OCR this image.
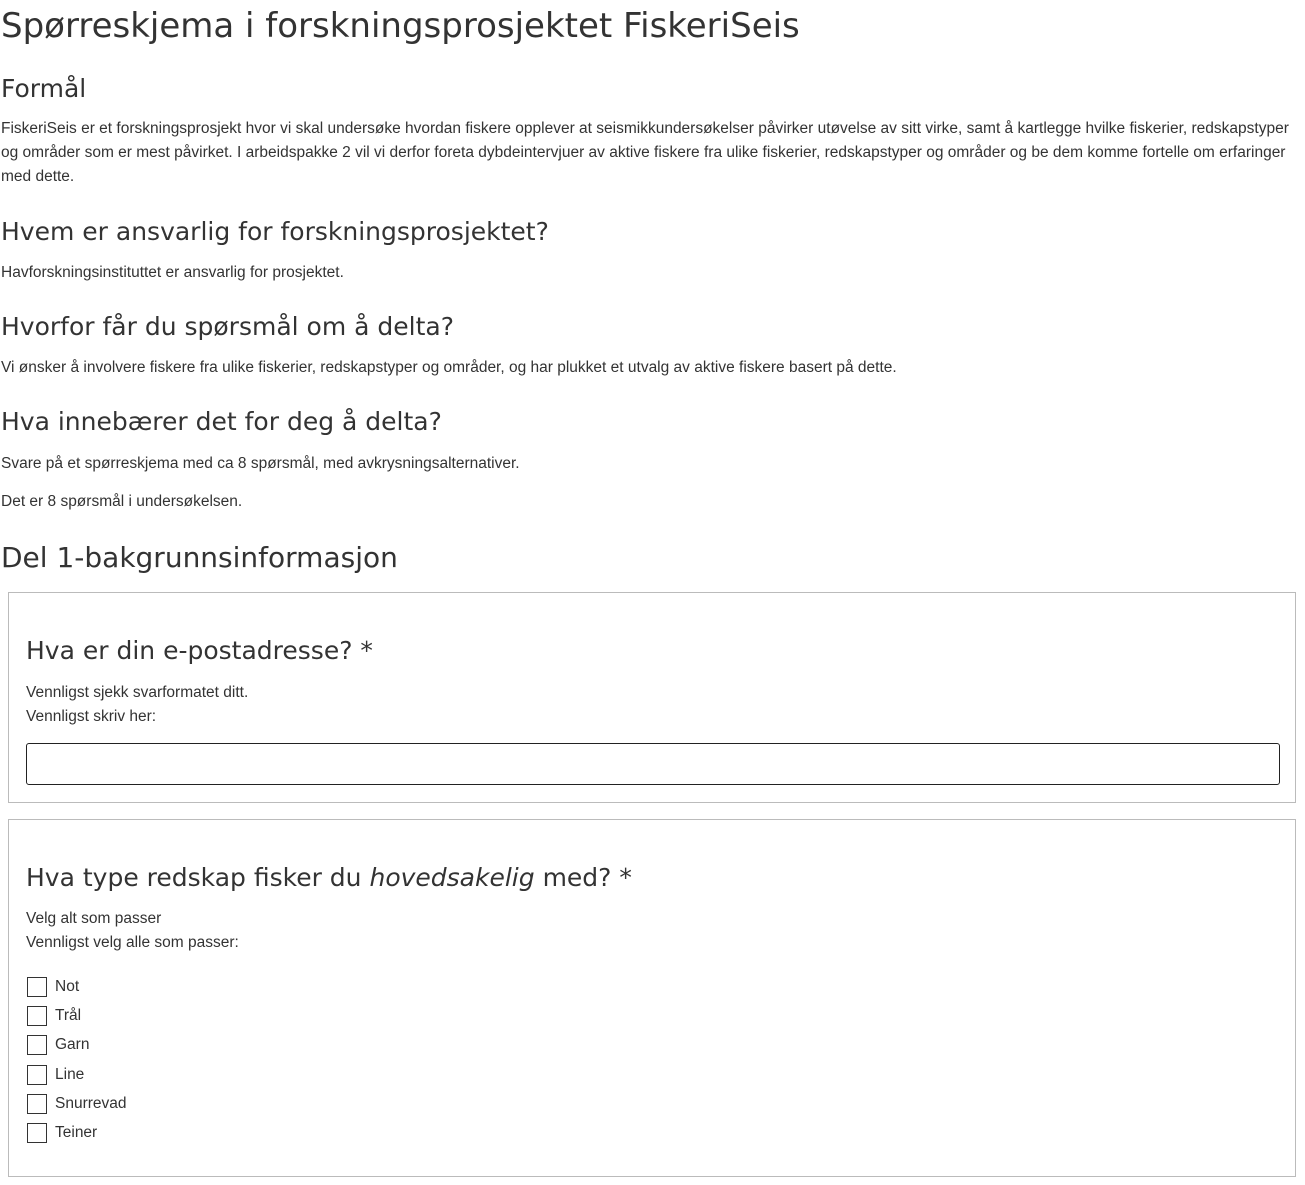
Spørreskjema i forskningsprosjektet FiskeriSeis
Formål
FiskeriSeis er et forskningsprosjekt hvor vi skal undersøke hvordan fiskere opplever at seismikkundersøkelser påvirker utøvelse av sitt virke, samt å kartlegge hvilke fiskerier, redskapstyper og områder som er mest påvirket. I arbeidspakke 2 vil vi derfor foreta dybdeintervjuer av aktive fiskere fra ulike fiskerier, redskapstyper og områder og be dem komme fortelle om erfaringer med dette.
Hvem er ansvarlig for forskningsprosjektet?
Havforskningsinstituttet er ansvarlig for prosjektet.
Hvorfor får du spørsmål om å delta?
Vi ønsker å involvere fiskere fra ulike fiskerier, redskapstyper og områder, og har plukket et utvalg av aktive fiskere basert på dette.
Hva innebærer det for deg å delta?
Svare på et spørreskjema med ca 8 spørsmål, med avkrysningsalternativer.
Det er 8 spørsmål i undersøkelsen.
Del 1-bakgrunnsinformasjon
Hva er din e-postadresse? *
Vennligst sjekk svarformatet ditt.
Vennligst skriv her:
Hva type redskap fisker du hovedsakelig med? *
Velg alt som passer
Vennligst velg alle som passer:
Not
Trål
Garn
Line
Snurrevad
Teiner
